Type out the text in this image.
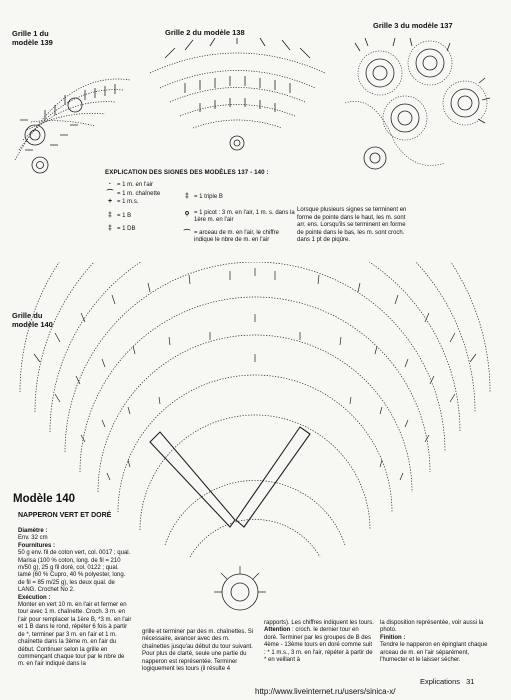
Grille 1 du
modèle 139
Grille 2 du modèle 138
Grille 3 du modèle 137
EXPLICATION DES SIGNES DES MODÈLES 137 - 140 :
· = 1 m. en l'air
⌒ = 1 m. chaînette
+ = 1 m.s.
‡ = 1 B
‡ = 1 DB
‡ = 1 triple B
ọ = 1 picot : 3 m. en l'air, 1 m. s. dans la 1ère m. en l'air
⌒ = arceau de m. en l'air, le chiffre indique le nbre de m. en l'air
Lorsque plusieurs signes se terminent en forme de pointe dans le haut, les m. sont arr. ens. Lorsqu'ils se terminent en forme de pointe dans le bas, les m. sont croch. dans 1 pt de piqûre.
Grille du
modèle 140
Modèle 140
NAPPERON VERT ET DORÉ

Diamètre :

Env. 32 cm

Fournitures :

50 g env. fil de coton vert, col. 0017 ; qual. Marisa (100 % coton, long. de fil = 210 m/50 g), 25 g fil doré, col. 0122 ; qual. lamé (60 % Cupro, 40 % polyester, long. de fil = 85 m/25 g), les deux qual. de LANG. Crochet No 2.

Exécution :

Monter en vert 10 m. en l'air et fermer en tour avec 1 m. chaînette. Croch. 3 m. en l'air pour remplacer la 1ère B, *3 m. en l'air et 1 B dans le rond, répéter 6 fois à partir de *, terminer par 3 m. en l'air et 1 m. chaînette dans la 3ème m. en l'air du début. Continuer selon la grille en commençant chaque tour par le nbre de m. en l'air indiqué dans la

grille et terminer par des m. chaînettes. Si nécessaire, avancer avec des m. chaînettes jusqu'au début du tour suivant. Pour plus de clarté, seule une partie du napperon est représentée. Terminer logiquement les tours (il résulte 4

rapports). Les chiffres indiquent les tours. Attention : croch. le dernier tour en doré. Terminer par les groupes de B des 4ème - 13ème tours en doré comme suit : * 1 m.s., 3 m. en l'air, répéter à partir de * en veillant à

la disposition représentée, voir aussi la photo.

Finition :

Tendre le napperon en épinglant chaque arceau de m. en l'air séparément, l'humecter et le laisser sécher.

Explications 31
http://www.liveinternet.ru/users/sinica-x/
